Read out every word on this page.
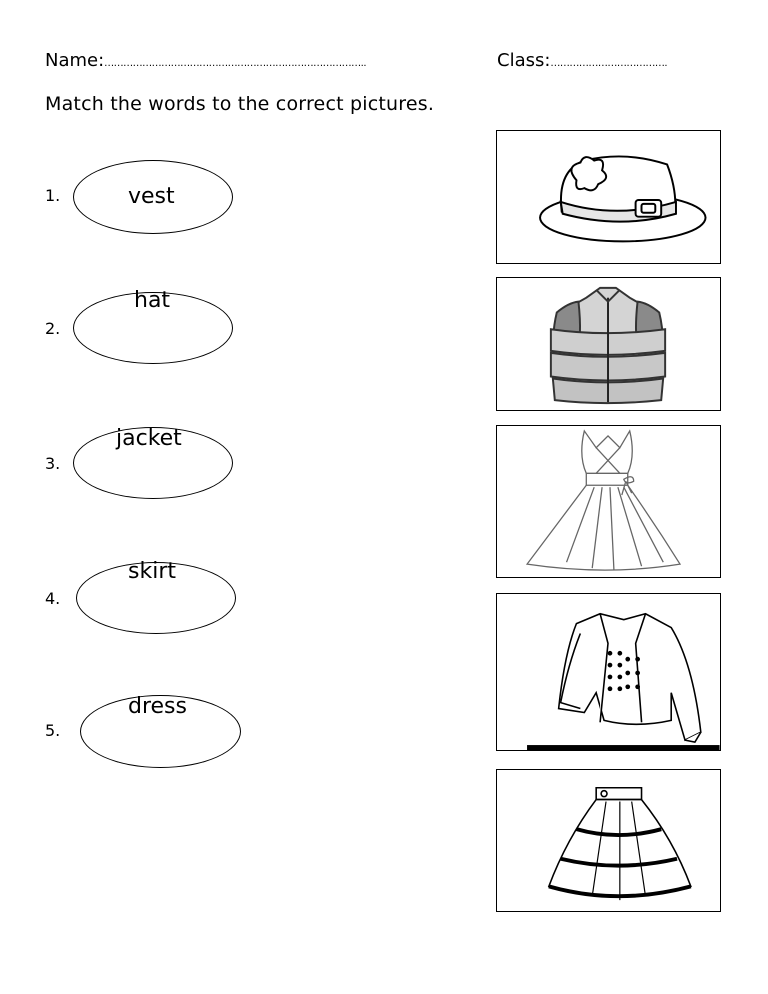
Name:………………………………………………………………………..	Class:……………………………….
Match the words to the correct pictures.
1.	vest
2.
hat
3.
jacket
4.
skirt
5.
dress
